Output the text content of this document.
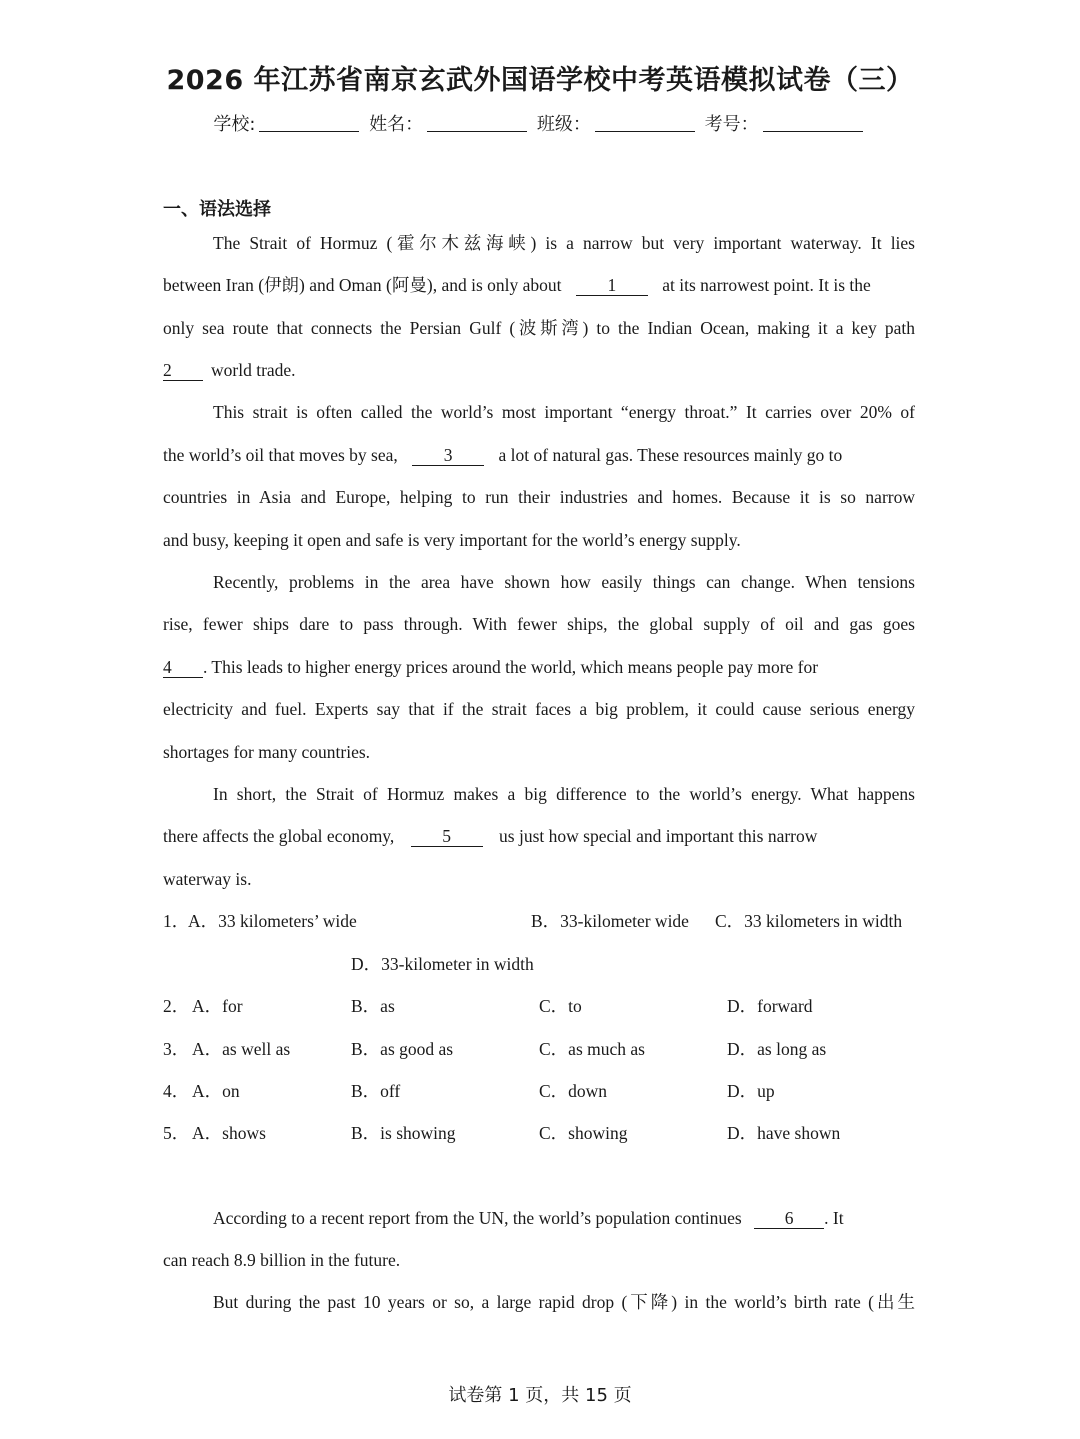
2026 年江苏省南京玄武外国语学校中考英语模拟试卷（三）
学校:	姓名：	班级：	考号：
一、语法选择
The Strait of Hormuz (霍尔木兹海峡) is a narrow but very important waterway. It lies
between Iran (伊朗) and Oman (阿曼), and is only about	1	at its narrowest point. It is the
only sea route that connects the Persian Gulf (波斯湾) to the Indian Ocean, making it a key path
2 world trade.
This strait is often called the world’s most important “energy throat.” It carries over 20% of
the world’s oil that moves by sea,	3	a lot of natural gas. These resources mainly go to
countries in Asia and Europe, helping to run their industries and homes. Because it is so narrow
and busy, keeping it open and safe is very important for the world’s energy supply.
Recently, problems in the area have shown how easily things can change. When tensions
rise, fewer ships dare to pass through. With fewer ships, the global supply of oil and gas goes
4 . This leads to higher energy prices around the world, which means people pay more for
electricity and fuel. Experts say that if the strait faces a big problem, it could cause serious energy
shortages for many countries.
In short, the Strait of Hormuz makes a big difference to the world’s energy. What happens
there affects the global economy,	5	us just how special and important this narrow
waterway is.
1．
A．33 kilometers’ wide	B．33-kilometer wide C．33 kilometers in width
D．33-kilometer in width
2． A．for	B．as	C．to	D．forward
3． A．as well as	B．as good as	C．as much as	D．as long as
4． A．on	B．off	C．down	D．up
5． A．shows	B．is showing	C．showing	D．have shown
According to a recent report from the UN, the world’s population continues 6 . It
can reach 8.9 billion in the future.
But during the past 10 years or so, a large rapid drop (下降) in the world’s birth rate (出生
试卷第 1 页，共 15 页
